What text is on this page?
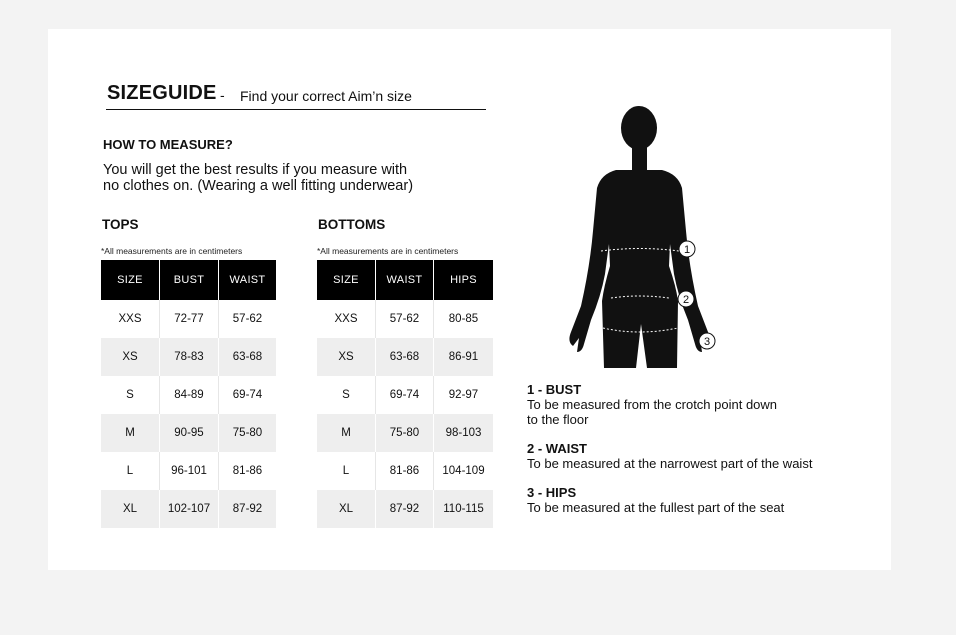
SIZEGUIDE - Find your correct Aim’n size
HOW TO MEASURE?
You will get the best results if you measure with
no clothes on. (Wearing a well fitting underwear)
TOPS
*All measurements are in centimeters
SIZE	BUST	WAIST
XXS	72-77	57-62
XS	78-83	63-68
S	84-89	69-74
M	90-95	75-80
L	96-101	81-86
XL	102-107	87-92
BOTTOMS
*All measurements are in centimeters
SIZE	WAIST	HIPS
XXS	57-62	80-85
XS	63-68	86-91
S	69-74	92-97
M	75-80	98-103
L	81-86	104-109
XL	87-92	110-115
1
2
3
1 - BUST
To be measured from the crotch point down
to the floor
2 - WAIST
To be measured at the narrowest part of the waist
3 - HIPS
To be measured at the fullest part of the seat
